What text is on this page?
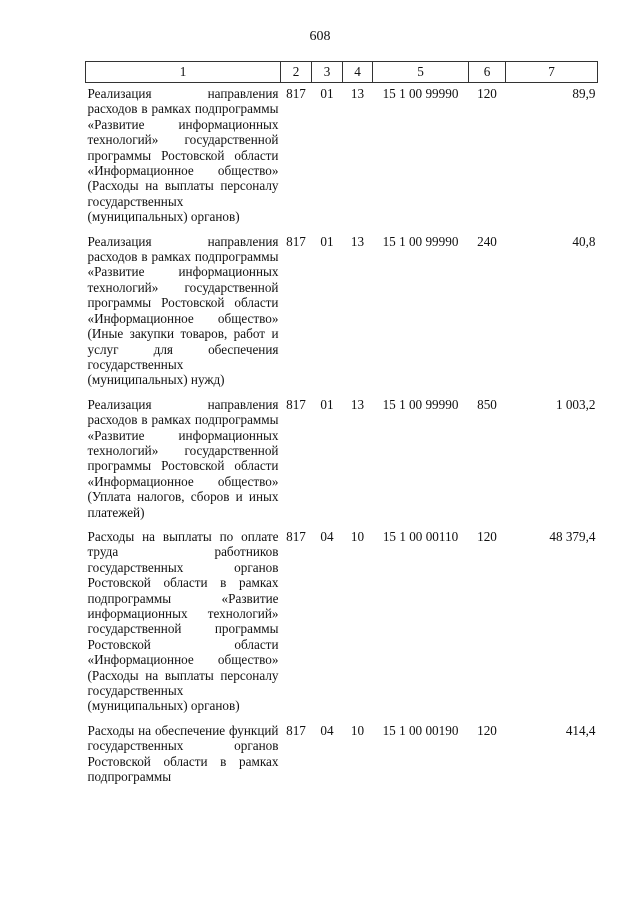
608
1	2	3	4	5	6	7
Реализация направления расходов в рамках подпрограммы «Развитие информационных технологий» государственной программы Ростовской области «Информационное общество» (Расходы на выплаты персоналу государственных (муниципальных) органов)	817	01	13	15 1 00 99990	120	89,9
Реализация направления расходов в рамках подпрограммы «Развитие информационных технологий» государственной программы Ростовской области «Информационное общество» (Иные закупки товаров, работ и услуг для обеспечения государственных (муниципальных) нужд)	817	01	13	15 1 00 99990	240	40,8
Реализация направления расходов в рамках подпрограммы «Развитие информационных технологий» государственной программы Ростовской области «Информационное общество» (Уплата налогов, сборов и иных платежей)	817	01	13	15 1 00 99990	850	1 003,2
Расходы на выплаты по оплате труда работников государственных органов Ростовской области в рамках подпрограммы «Развитие информационных технологий» государственной программы Ростовской области «Информационное общество» (Расходы на выплаты персоналу государственных (муниципальных) органов)	817	04	10	15 1 00 00110	120	48 379,4
Расходы на обеспечение функций государственных органов Ростовской области в рамках подпрограммы	817	04	10	15 1 00 00190	120	414,4
